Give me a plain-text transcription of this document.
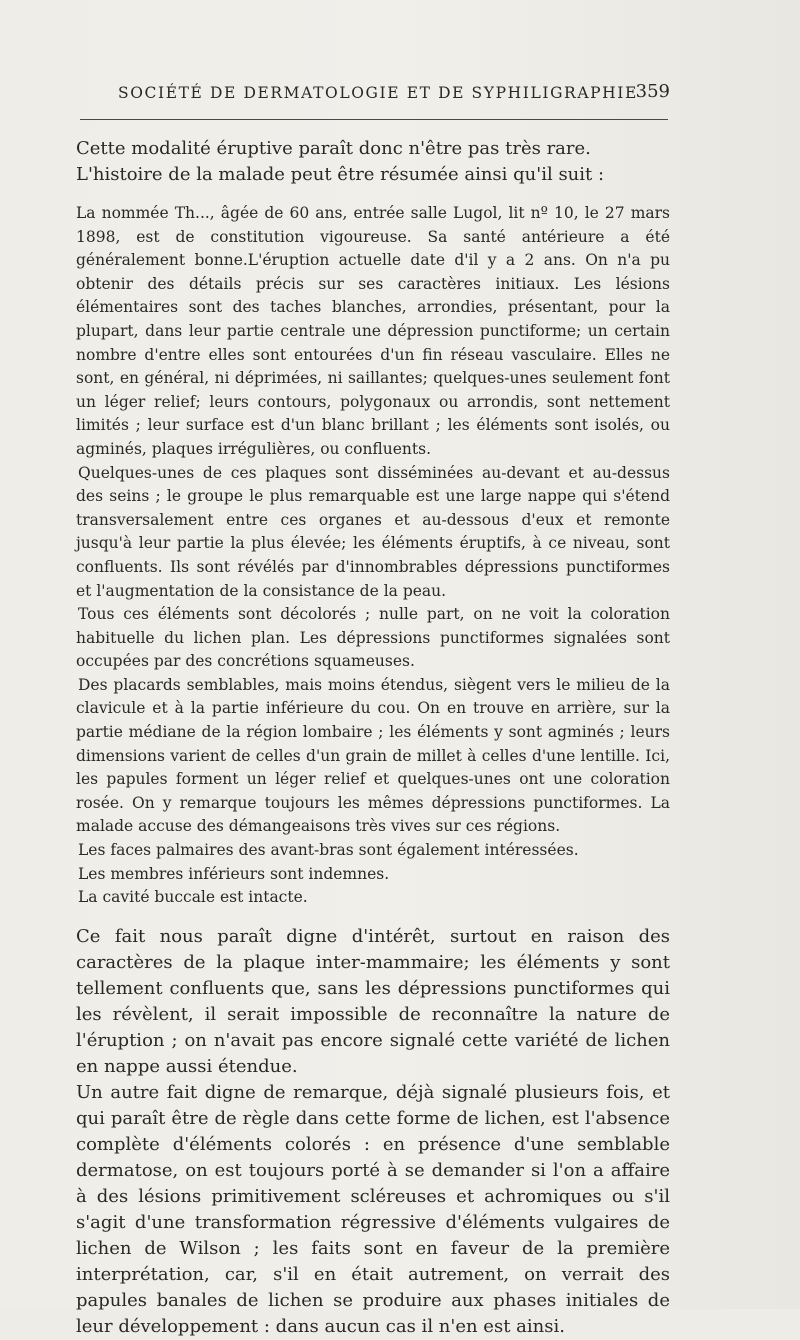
SOCIÉTÉ DE DERMATOLOGIE ET DE SYPHILIGRAPHIE
359

Cette modalité éruptive paraît donc n'être pas très rare.

L'histoire de la malade peut être résumée ainsi qu'il suit :

La nommée Th..., âgée de 60 ans, entrée salle Lugol, lit nº 10, le 27 mars 1898, est de constitution vigoureuse. Sa santé antérieure a été généralement bonne.L'éruption actuelle date d'il y a 2 ans. On n'a pu obtenir des détails précis sur ses caractères initiaux. Les lésions élémentaires sont des taches blanches, arrondies, présentant, pour la plupart, dans leur partie centrale une dépression punctiforme; un certain nombre d'entre elles sont entourées d'un fin réseau vasculaire. Elles ne sont, en général, ni déprimées, ni saillantes; quelques-unes seulement font un léger relief; leurs contours, polygonaux ou arrondis, sont nettement limités ; leur surface est d'un blanc brillant ; les éléments sont isolés, ou agminés, plaques irrégulières, ou confluents.

Quelques-unes de ces plaques sont disséminées au-devant et au-dessus des seins ; le groupe le plus remarquable est une large nappe qui s'étend transversalement entre ces organes et au-dessous d'eux et remonte jusqu'à leur partie la plus élevée; les éléments éruptifs, à ce niveau, sont confluents. Ils sont révélés par d'innombrables dépressions punctiformes et l'augmentation de la consistance de la peau.

Tous ces éléments sont décolorés ; nulle part, on ne voit la coloration habituelle du lichen plan. Les dépressions punctiformes signalées sont occupées par des concrétions squameuses.

Des placards semblables, mais moins étendus, siègent vers le milieu de la clavicule et à la partie inférieure du cou. On en trouve en arrière, sur la partie médiane de la région lombaire ; les éléments y sont agminés ; leurs dimensions varient de celles d'un grain de millet à celles d'une lentille. Ici, les papules forment un léger relief et quelques-unes ont une coloration rosée. On y remarque toujours les mêmes dépressions punctiformes. La malade accuse des démangeaisons très vives sur ces régions.

Les faces palmaires des avant-bras sont également intéressées.

Les membres inférieurs sont indemnes.

La cavité buccale est intacte.

Ce fait nous paraît digne d'intérêt, surtout en raison des caractères de la plaque inter-mammaire; les éléments y sont tellement confluents que, sans les dépressions punctiformes qui les révèlent, il serait impossible de reconnaître la nature de l'éruption ; on n'avait pas encore signalé cette variété de lichen en nappe aussi étendue.

Un autre fait digne de remarque, déjà signalé plusieurs fois, et qui paraît être de règle dans cette forme de lichen, est l'absence complète d'éléments colorés : en présence d'une semblable dermatose, on est toujours porté à se demander si l'on a affaire à des lésions primitivement scléreuses et achromiques ou s'il s'agit d'une transformation régressive d'éléments vulgaires de lichen de Wilson ; les faits sont en faveur de la première interprétation, car, s'il en était autrement, on verrait des papules banales de lichen se produire aux phases initiales de leur développement : dans aucun cas il n'en est ainsi.
